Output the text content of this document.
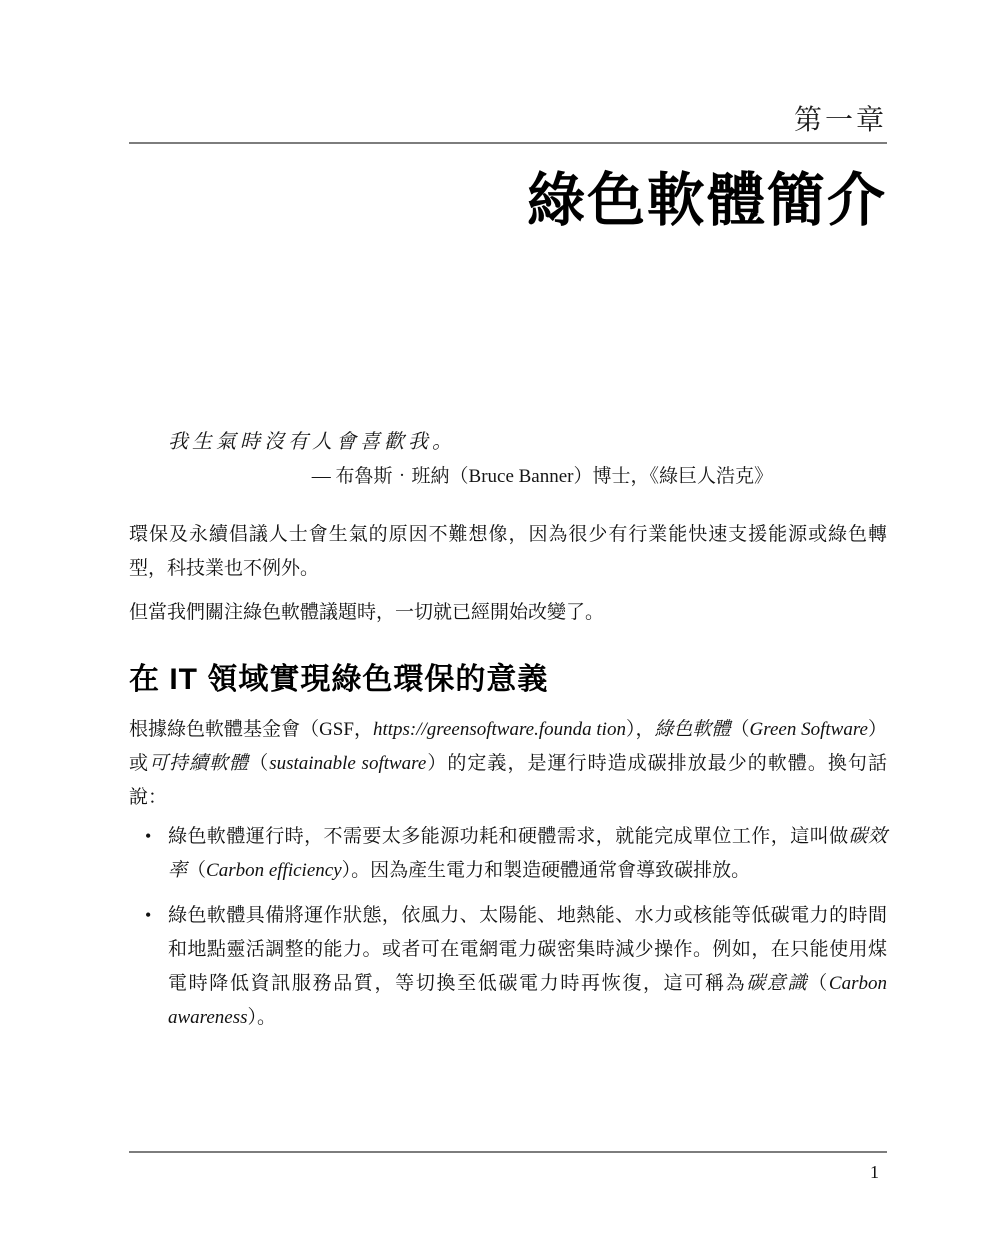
第一章
綠色軟體簡介
我生氣時沒有人會喜歡我。
— 布魯斯‧班納（Bruce Banner）博士，《綠巨人浩克》

環保及永續倡議人士會生氣的原因不難想像，因為很少有行業能快速支援能源或綠色轉型，科技業也不例外。

但當我們關注綠色軟體議題時，一切就已經開始改變了。

在 IT 領域實現綠色環保的意義

根據綠色軟體基金會（GSF，https://greensoftware.founda tion），綠色軟體（Green Software）或可持續軟體（sustainable software）的定義，是運行時造成碳排放最少的軟體。換句話說：

• 綠色軟體運行時，不需要太多能源功耗和硬體需求，就能完成單位工作，這叫做碳效率（Carbon efficiency）。因為產生電力和製造硬體通常會導致碳排放。
• 綠色軟體具備將運作狀態，依風力、太陽能、地熱能、水力或核能等低碳電力的時間和地點靈活調整的能力。或者可在電網電力碳密集時減少操作。例如，在只能使用煤電時降低資訊服務品質，等切換至低碳電力時再恢復，這可稱為碳意識（Carbon awareness）。
1
